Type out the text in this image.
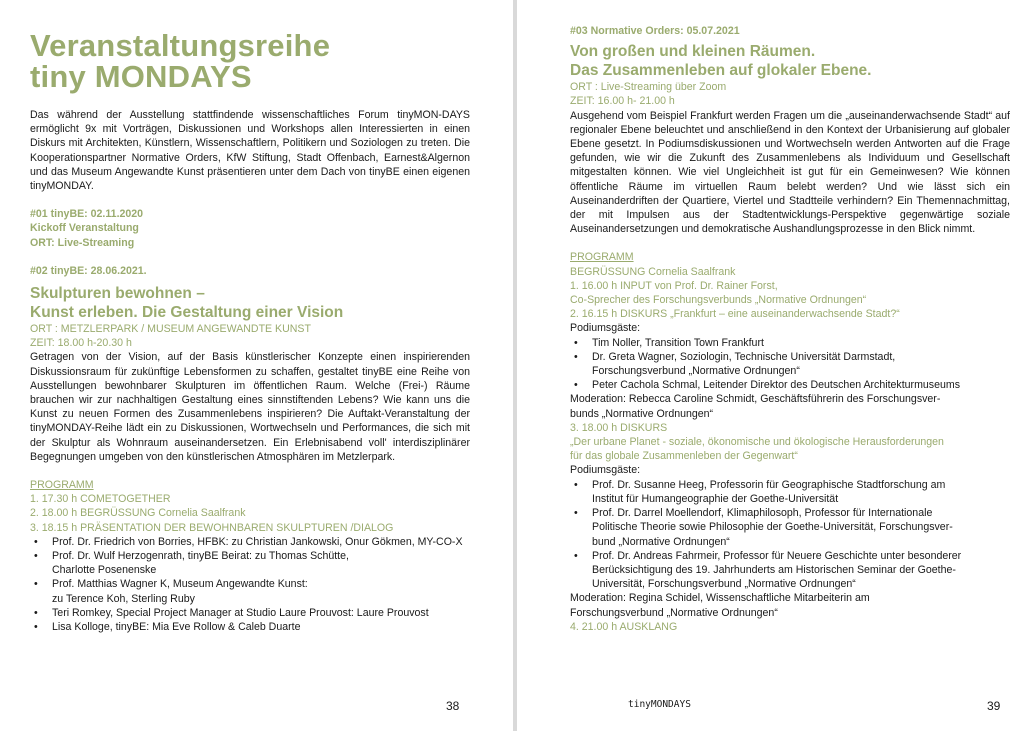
Veranstaltungsreihe

tiny MONDAYS

Das während der Ausstellung stattfindende wissenschaftliches Forum tinyMON-DAYS ermöglicht 9x mit Vorträgen, Diskussionen und Workshops allen Interessierten in einen Diskurs mit Architekten, Künstlern, Wissenschaftlern, Politikern und Soziologen zu treten. Die Kooperationspartner Normative Orders, KfW Stiftung, Stadt Offenbach, Earnest&Algernon und das Museum Angewandte Kunst präsentieren unter dem Dach von tinyBE einen eigenen tinyMONDAY.

#01 tinyBE: 02.11.2020

Kickoff Veranstaltung

ORT: Live-Streaming

#02 tinyBE: 28.06.2021.

Skulpturen bewohnen –

Kunst erleben. Die Gestaltung einer Vision

ORT : METZLERPARK / MUSEUM ANGEWANDTE KUNST

ZEIT: 18.00 h-20.30 h

Getragen von der Vision, auf der Basis künstlerischer Konzepte einen inspirierenden Diskussionsraum für zukünftige Lebensformen zu schaffen, gestaltet tinyBE eine Reihe von Ausstellungen bewohnbarer Skulpturen im öffentlichen Raum. Welche (Frei-) Räume brauchen wir zur nachhaltigen Gestaltung eines sinnstiftenden Lebens? Wie kann uns die Kunst zu neuen Formen des Zusammenlebens inspirieren? Die Auftakt-Veranstaltung der tinyMONDAY-Reihe lädt ein zu Diskussionen, Wortwechseln und Performances, die sich mit der Skulptur als Wohnraum auseinandersetzen. Ein Erlebnisabend voll' interdisziplinärer Begegnungen umgeben von den künstlerischen Atmosphären im Metzlerpark.

PROGRAMM

1. 17.30 h COMETOGETHER

2. 18.00 h BEGRÜSSUNG Cornelia Saalfrank

3. 18.15 h PRÄSENTATION DER BEWOHNBAREN SKULPTUREN /DIALOG

• Prof. Dr. Friedrich von Borries, HFBK: zu Christian Jankowski, Onur Gökmen, MY-CO-X
• Prof. Dr. Wulf Herzogenrath, tinyBE Beirat: zu Thomas Schütte,
Charlotte Posenenske
• Prof. Matthias Wagner K, Museum Angewandte Kunst:
zu Terence Koh, Sterling Ruby
• Teri Romkey, Special Project Manager at Studio Laure Prouvost: Laure Prouvost
• Lisa Kolloge, tinyBE: Mia Eve Rollow & Caleb Duarte
38

#03 Normative Orders: 05.07.2021

Von großen und kleinen Räumen.

Das Zusammenleben auf glokaler Ebene.

ORT : Live-Streaming über Zoom

ZEIT: 16.00 h- 21.00 h

Ausgehend vom Beispiel Frankfurt werden Fragen um die „auseinanderwachsende Stadt“ auf regionaler Ebene beleuchtet und anschließend in den Kontext der Urbanisierung auf globaler Ebene gesetzt. In Podiumsdiskussionen und Wortwechseln werden Antworten auf die Frage gefunden, wie wir die Zukunft des Zusammenlebens als Individuum und Gesellschaft mitgestalten können. Wie viel Ungleichheit ist gut für ein Gemeinwesen? Wie können öffentliche Räume im virtuellen Raum belebt werden? Und wie lässt sich ein Auseinanderdriften der Quartiere, Viertel und Stadtteile verhindern? Ein Themennachmittag, der mit Impulsen aus der Stadtentwicklungs-Perspektive gegenwärtige soziale Auseinandersetzungen und demokratische Aushandlungsprozesse in den Blick nimmt.

PROGRAMM

BEGRÜSSUNG Cornelia Saalfrank

1. 16.00 h INPUT von Prof. Dr. Rainer Forst,

Co-Sprecher des Forschungsverbunds „Normative Ordnungen“

2. 16.15 h DISKURS „Frankfurt – eine auseinanderwachsende Stadt?“

Podiumsgäste:

• Tim Noller, Transition Town Frankfurt
• Dr. Greta Wagner, Soziologin, Technische Universität Darmstadt,
Forschungsverbund „Normative Ordnungen“
• Peter Cachola Schmal, Leitender Direktor des Deutschen Architekturmuseums

Moderation: Rebecca Caroline Schmidt, Geschäftsführerin des Forschungsver-

bunds „Normative Ordnungen“

3. 18.00 h DISKURS

„Der urbane Planet - soziale, ökonomische und ökologische Herausforderungen

für das globale Zusammenleben der Gegenwart“

Podiumsgäste:

• Prof. Dr. Susanne Heeg, Professorin für Geographische Stadtforschung am
Institut für Humangeographie der Goethe-Universität
• Prof. Dr. Darrel Moellendorf, Klimaphilosoph, Professor für Internationale
Politische Theorie sowie Philosophie der Goethe-Universität, Forschungsver-
bund „Normative Ordnungen“
• Prof. Dr. Andreas Fahrmeir, Professor für Neuere Geschichte unter besonderer
Berücksichtigung des 19. Jahrhunderts am Historischen Seminar der Goethe-
Universität, Forschungsverbund „Normative Ordnungen“

Moderation: Regina Schidel, Wissenschaftliche Mitarbeiterin am

Forschungsverbund „Normative Ordnungen“

4. 21.00 h AUSKLANG

tinyMONDAYS	39
